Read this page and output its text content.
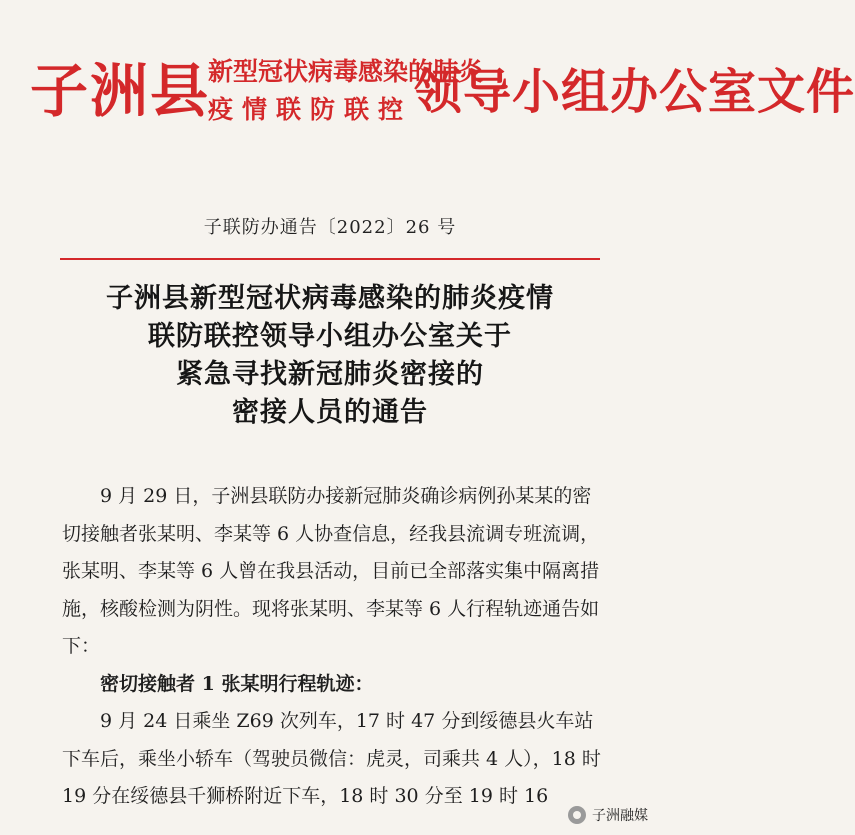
子洲县
新型冠状病毒感染的肺炎
疫情联防联控 领导小组办公室文件
子联防办通告〔2022〕26 号
子洲县新型冠状病毒感染的肺炎疫情
联防联控领导小组办公室关于
紧急寻找新冠肺炎密接的
密接人员的通告

9 月 29 日，子洲县联防办接新冠肺炎确诊病例孙某某的密切接触者张某明、李某等 6 人协查信息，经我县流调专班流调，张某明、李某等 6 人曾在我县活动，目前已全部落实集中隔离措施，核酸检测为阴性。现将张某明、李某等 6 人行程轨迹通告如下：

密切接触者 1 张某明行程轨迹：

9 月 24 日乘坐 Z69 次列车，17 时 47 分到绥德县火车站下车后，乘坐小轿车（驾驶员微信：虎灵，司乘共 4 人），18 时 19 分在绥德县千狮桥附近下车，18 时 30 分至 19 时 16

子洲融媒
